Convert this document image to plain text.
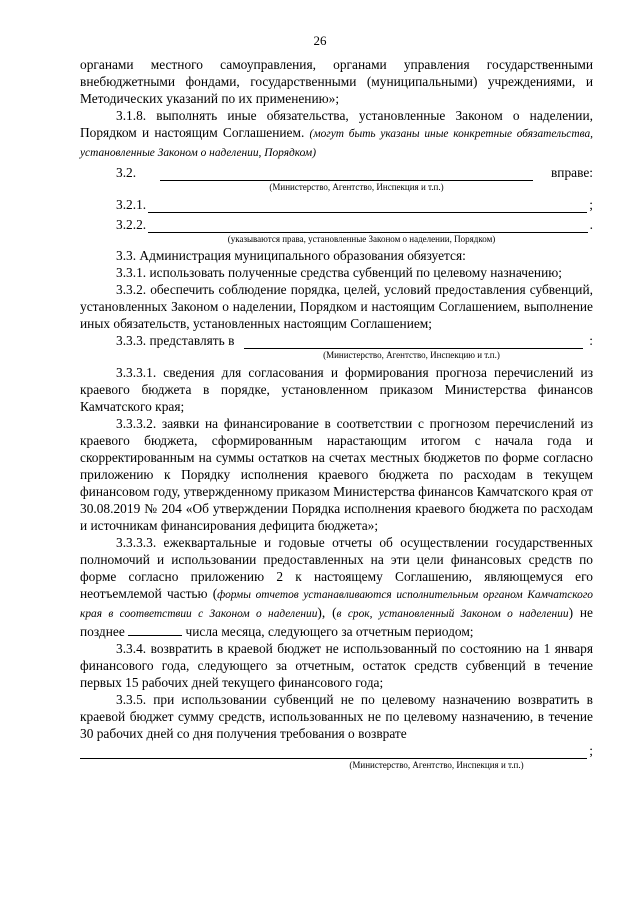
26

органами местного самоуправления, органами управления государственными внебюджетными фондами, государственными (муниципальными) учреждениями, и Методических указаний по их применению»;

3.1.8. выполнять иные обязательства, установленные Законом о наделении, Порядком и настоящим Соглашением. (могут быть указаны иные конкретные обязательства, установленные Законом о наделении, Порядком)

3.2.	вправе:

(Министерство, Агентство, Инспекция и т.п.)

3.2.1.	;
3.2.2.	.

(указываются права, установленные Законом о наделении, Порядком)

3.3. Администрация муниципального образования обязуется:

3.3.1. использовать полученные средства субвенций по целевому назначению;

3.3.2. обеспечить соблюдение порядка, целей, условий предоставления субвенций, установленных Законом о наделении, Порядком и настоящим Соглашением, выполнение иных обязательств, установленных настоящим Соглашением;

3.3.3. представлять в	:

(Министерство, Агентство, Инспекцию и т.п.)

3.3.3.1. сведения для согласования и формирования прогноза перечислений из краевого бюджета в порядке, установленном приказом Министерства финансов Камчатского края;

3.3.3.2. заявки на финансирование в соответствии с прогнозом перечислений из краевого бюджета, сформированным нарастающим итогом с начала года и скорректированным на суммы остатков на счетах местных бюджетов по форме согласно приложению к Порядку исполнения краевого бюджета по расходам в текущем финансовом году, утвержденному приказом Министерства финансов Камчатского края от 30.08.2019 № 204 «Об утверждении Порядка исполнения краевого бюджета по расходам и источникам финансирования дефицита бюджета»;

3.3.3.3. ежеквартальные и годовые отчеты об осуществлении государственных полномочий и использовании предоставленных на эти цели финансовых средств по форме согласно приложению 2 к настоящему Соглашению, являющемуся его неотъемлемой частью (формы отчетов устанавливаются исполнительным органом Камчатского края в соответствии с Законом о наделении), (в срок, установленный Законом о наделении) не позднее	числа месяца, следующего за отчетным периодом;

3.3.4. возвратить в краевой бюджет не использованный по состоянию на 1 января финансового года, следующего за отчетным, остаток средств субвенций в течение первых 15 рабочих дней текущего финансового года;

3.3.5. при использовании субвенций не по целевому назначению возвратить в краевой бюджет сумму средств, использованных не по целевому назначению, в течение 30 рабочих дней со дня получения требования о возврате

;

(Министерство, Агентство, Инспекция и т.п.)
